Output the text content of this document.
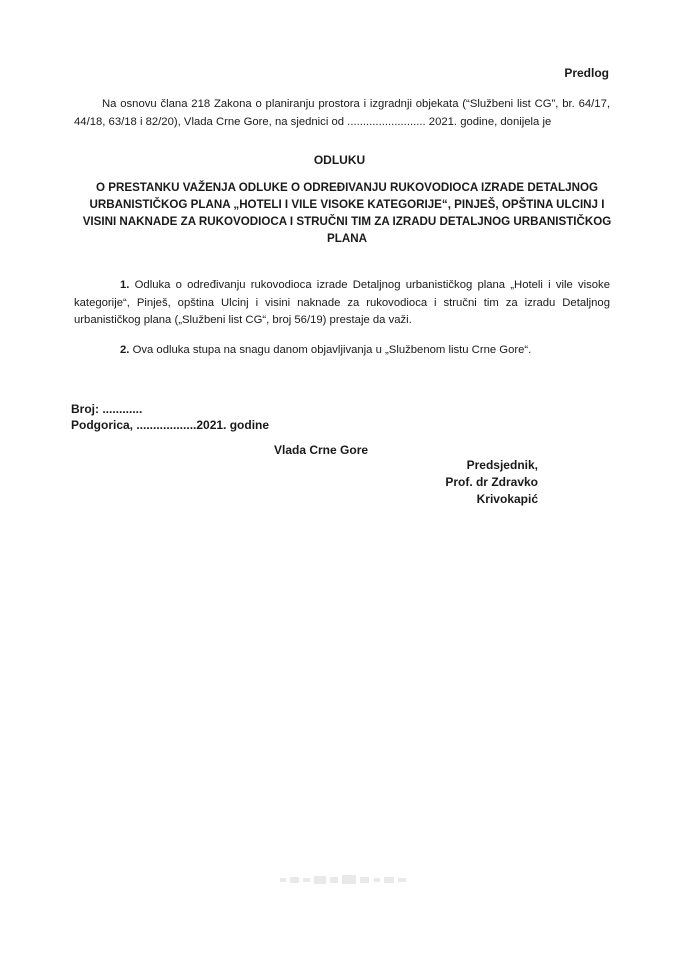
Predlog
Na osnovu člana 218 Zakona o planiranju prostora i izgradnji objekata (“Službeni list CG”, br. 64/17, 44/18, 63/18 i 82/20), Vlada Crne Gore, na sjednici od ......................... 2021. godine, donijela je
ODLUKU
O PRESTANKU VAŽENJA ODLUKE O ODREĐIVANJU RUKOVODIOCA IZRADE DETALJNOG URBANISTIČKOG PLANA „HOTELI I VILE VISOKE KATEGORIJE“, PINJEŠ, OPŠTINA ULCINJ I VISINI NAKNADE ZA RUKOVODIOCA I STRUČNI TIM ZA IZRADU DETALJNOG URBANISTIČKOG PLANA
1. Odluka o određivanju rukovodioca izrade Detaljnog urbanističkog plana „Hoteli i vile visoke kategorije“, Pinješ, opština Ulcinj i visini naknade za rukovodioca i stručni tim za izradu Detaljnog urbanističkog plana („Službeni list CG“, broj 56/19) prestaje da važi.
2. Ova odluka stupa na snagu danom objavljivanja u „Službenom listu Crne Gore“.
Broj: ............
Podgorica, ..................2021. godine
Vlada Crne Gore
Predsjednik,
Prof. dr Zdravko Krivokapić
